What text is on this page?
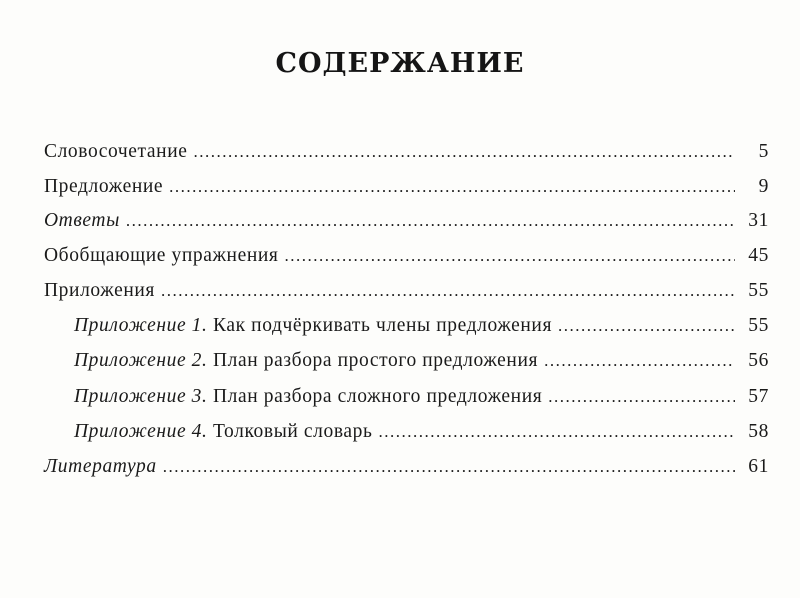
СОДЕРЖАНИЕ
Словосочетание .....	5
Предложение .....	9
Ответы .....	31
Обобщающие упражнения .....	45
Приложения .....	55
Приложение 1. Как подчёркивать члены предложения .....	55
Приложение 2. План разбора простого предложения .....	56
Приложение 3. План разбора сложного предложения .....	57
Приложение 4. Толковый словарь .....	58
Литература .....	61
